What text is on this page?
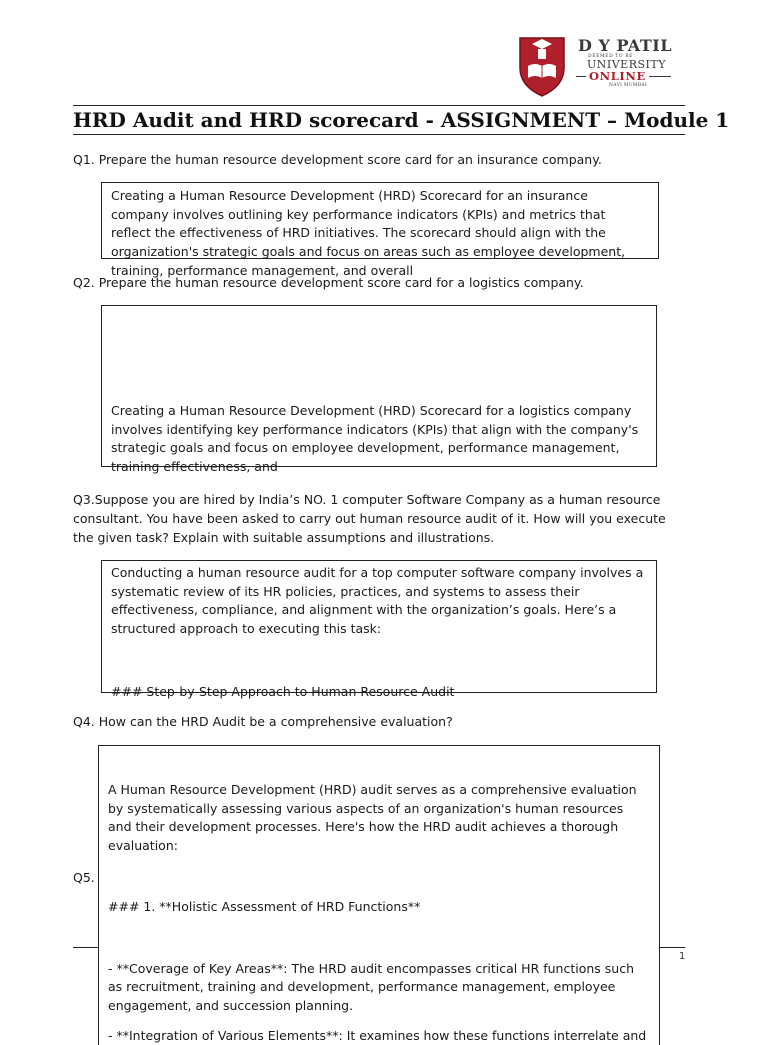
D Y PATIL
DEEMED TO BE
UNIVERSITY
ONLINE
NAVI MUMBAI
HRD Audit and HRD scorecard - ASSIGNMENT – Module 1
Q1. Prepare the human resource development score card for an insurance company.

Creating a Human Resource Development (HRD) Scorecard for an insurance company involves outlining key performance indicators (KPIs) and metrics that reflect the effectiveness of HRD initiatives. The scorecard should align with the organization's strategic goals and focus on areas such as employee development, training, performance management, and overall

Q2. Prepare the human resource development score card for a logistics company.

Creating a Human Resource Development (HRD) Scorecard for a logistics company involves identifying key performance indicators (KPIs) that align with the company's strategic goals and focus on employee development, performance management, training effectiveness, and

Q3.Suppose you are hired by India’s NO. 1 computer Software Company as a human resource consultant. You have been asked to carry out human resource audit of it. How will you execute the given task? Explain with suitable assumptions and illustrations.

Conducting a human resource audit for a top computer software company involves a systematic review of its HR policies, practices, and systems to assess their effectiveness, compliance, and alignment with the organization’s goals. Here’s a structured approach to executing this task:

### Step-by-Step Approach to Human Resource Audit

Q4. How can the HRD Audit be a comprehensive evaluation?
Q5.
1

A Human Resource Development (HRD) audit serves as a comprehensive evaluation by systematically assessing various aspects of an organization's human resources and their development processes. Here's how the HRD audit achieves a thorough evaluation:

### 1. **Holistic Assessment of HRD Functions**

- **Coverage of Key Areas**: The HRD audit encompasses critical HR functions such as recruitment, training and development, performance management, employee engagement, and succession planning.

- **Integration of Various Elements**: It examines how these functions interrelate and
